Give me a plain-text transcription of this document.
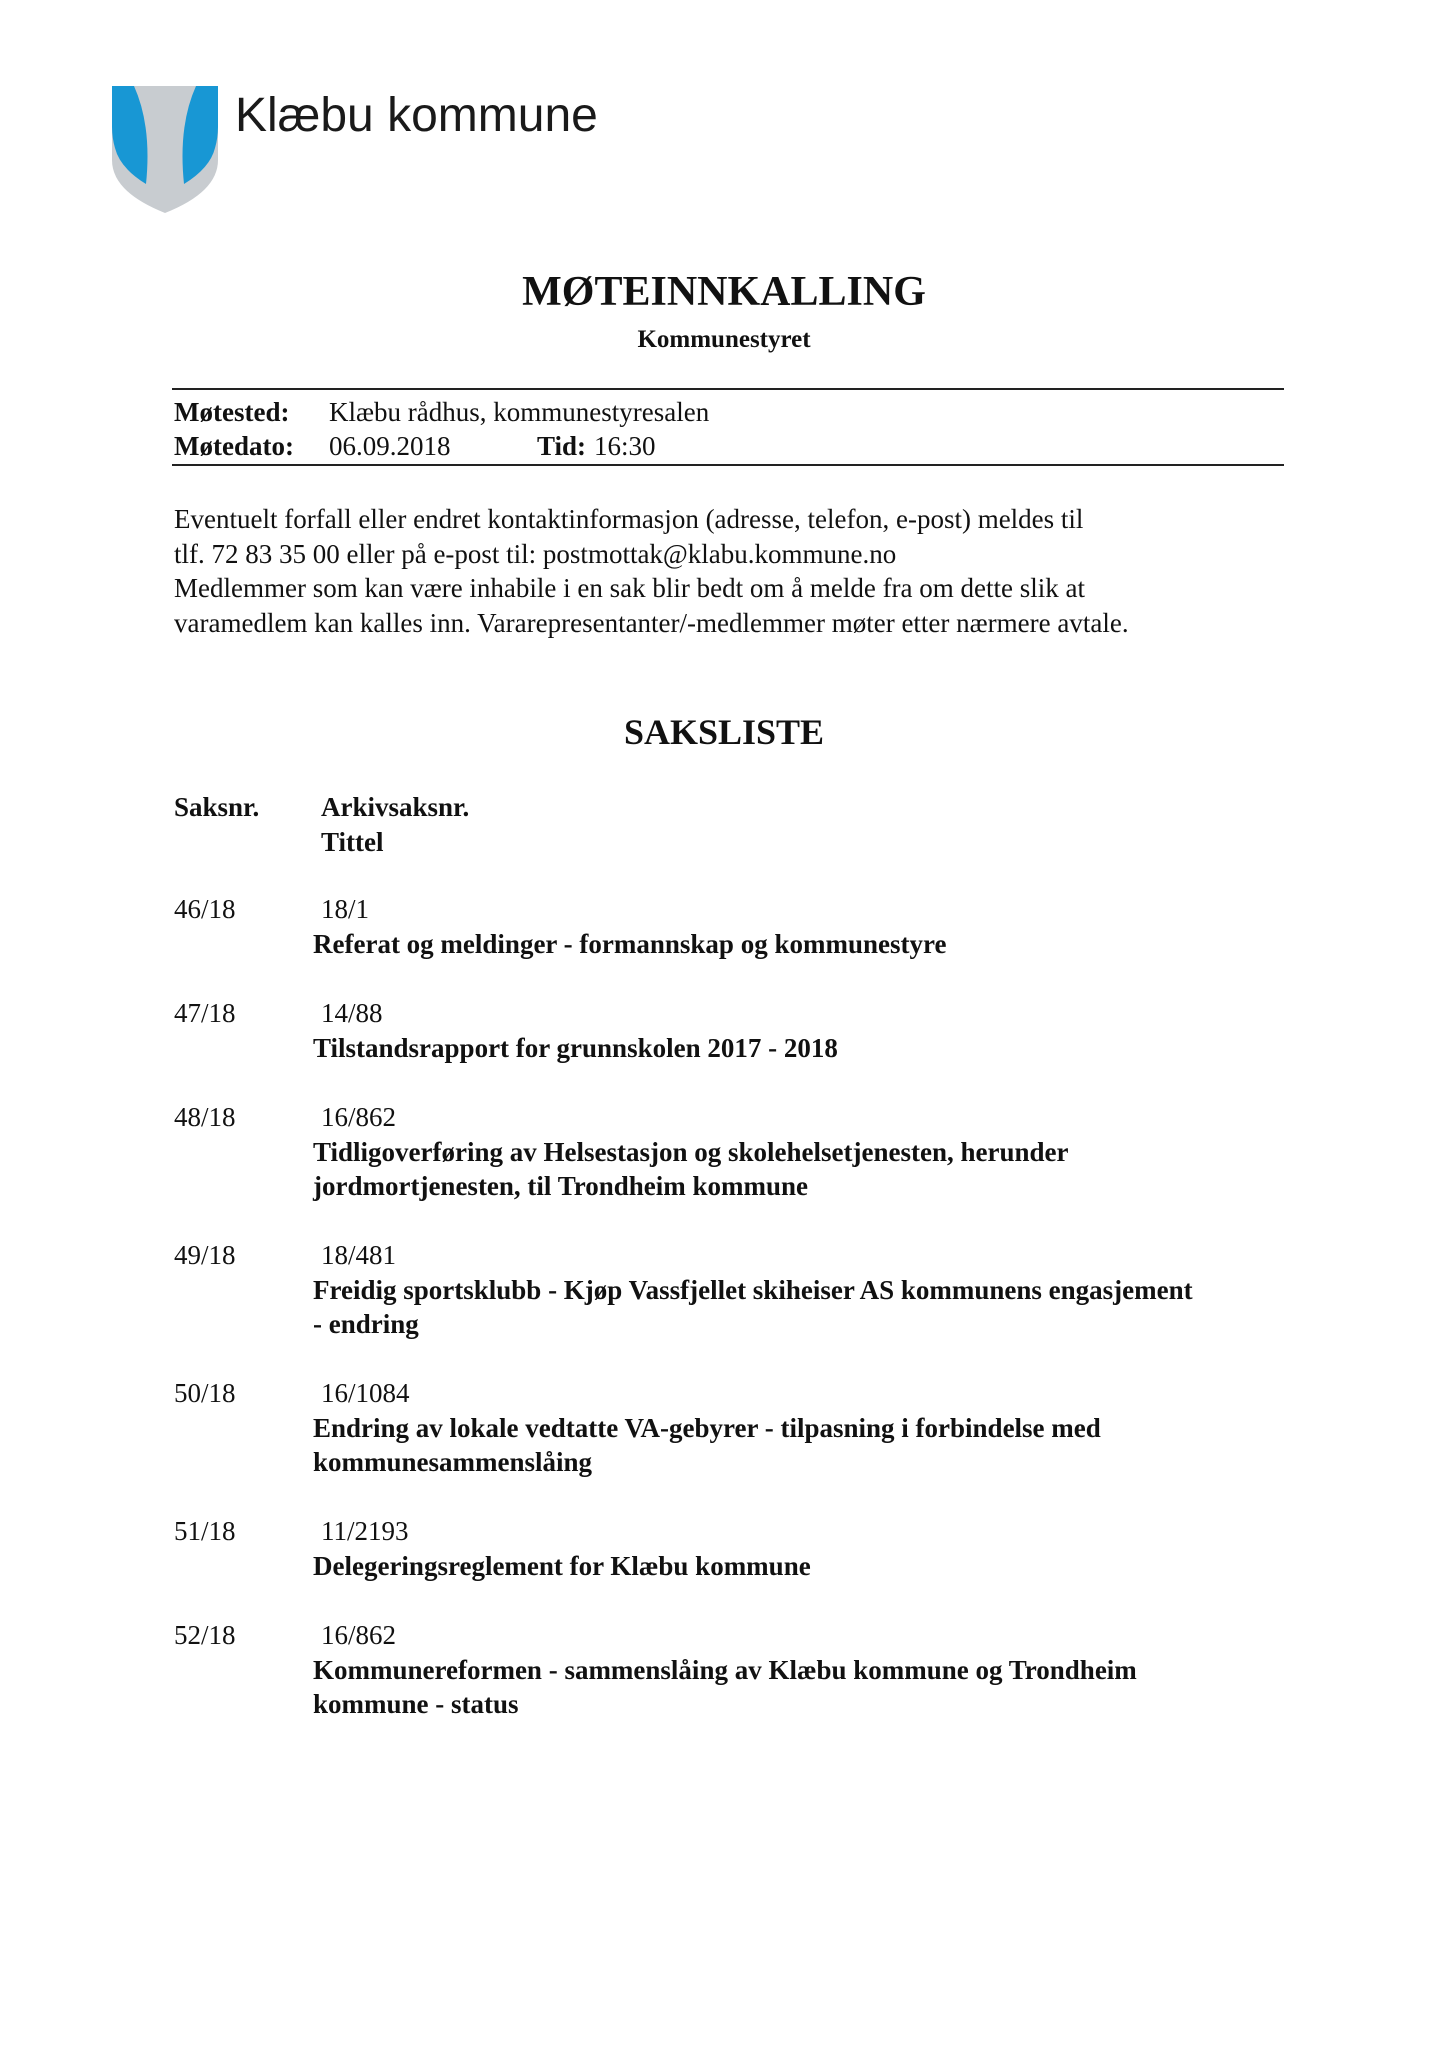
Klæbu kommune
MØTEINNKALLING
Kommunestyret
Møtested: Klæbu rådhus, kommunestyresalen
Møtedato: 06.09.2018	Tid: 16:30
Eventuelt forfall eller endret kontaktinformasjon (adresse, telefon, e-post) meldes til
tlf. 72 83 35 00 eller på e-post til: postmottak@klabu.kommune.no
Medlemmer som kan være inhabile i en sak blir bedt om å melde fra om dette slik at
varamedlem kan kalles inn. Vararepresentanter/-medlemmer møter etter nærmere avtale.
SAKSLISTE
Saksnr. Arkivsaksnr.
Tittel
46/18	18/1
Referat og meldinger - formannskap og kommunestyre
47/18	14/88
Tilstandsrapport for grunnskolen 2017 - 2018
48/18	16/862
Tidligoverføring av Helsestasjon og skolehelsetjenesten, herunder
jordmortjenesten, til Trondheim kommune
49/18	18/481
Freidig sportsklubb - Kjøp Vassfjellet skiheiser AS kommunens engasjement
- endring
50/18	16/1084
Endring av lokale vedtatte VA-gebyrer - tilpasning i forbindelse med
kommunesammenslåing
51/18	11/2193
Delegeringsreglement for Klæbu kommune
52/18	16/862
Kommunereformen - sammenslåing av Klæbu kommune og Trondheim
kommune - status
